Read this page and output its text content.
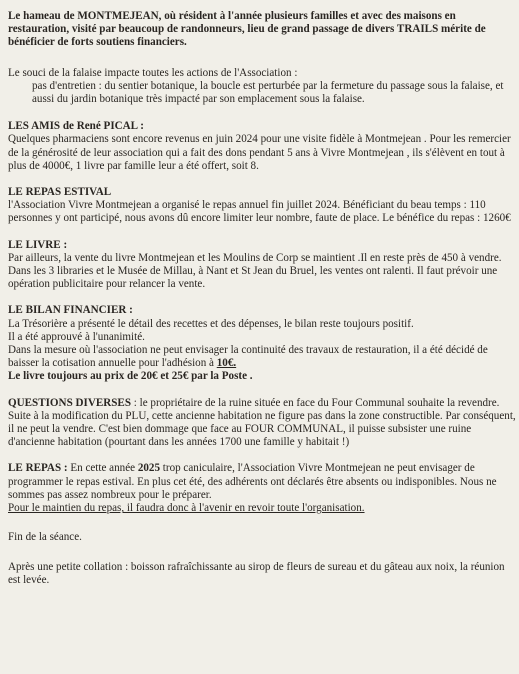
Le hameau de MONTMEJEAN, où résident à l'année plusieurs familles et avec des maisons en restauration, visité par beaucoup de randonneurs, lieu de grand passage de divers TRAILS mérite de bénéficier de forts soutiens financiers.

Le souci de la falaise impacte toutes les actions de l'Association :

pas d'entretien : du sentier botanique, la boucle est perturbée par la fermeture du passage sous la falaise, et aussi du jardin botanique très impacté par son emplacement sous la falaise.

LES AMIS de René PICAL :

Quelques pharmaciens sont encore revenus en juin 2024 pour une visite fidèle à Montmejean . Pour les remercier de la générosité de leur association qui a fait des dons pendant 5 ans à Vivre Montmejean , ils s'élèvent en tout à plus de 4000€, 1 livre par famille leur a été offert, soit 8.

LE REPAS ESTIVAL

l'Association Vivre Montmejean a organisé le repas annuel fin juillet 2024. Bénéficiant du beau temps : 110 personnes y ont participé, nous avons dû encore limiter leur nombre, faute de place. Le bénéfice du repas : 1260€

LE LIVRE :

Par ailleurs, la vente du livre Montmejean et les Moulins de Corp se maintient .Il en reste près de 450 à vendre. Dans les 3 libraries et le Musée de Millau, à Nant et St Jean du Bruel, les ventes ont ralenti. Il faut prévoir une opération publicitaire pour relancer la vente.

LE BILAN FINANCIER :

La Trésorière a présenté le détail des recettes et des dépenses, le bilan reste toujours positif.

Il a été approuvé à l'unanimité.

Dans la mesure où l'association ne peut envisager la continuité des travaux de restauration, il a été décidé de baisser la cotisation annuelle pour l'adhésion à 10€.

Le livre toujours au prix de 20€ et 25€ par la Poste .

QUESTIONS DIVERSES : le propriétaire de la ruine située en face du Four Communal souhaite la revendre. Suite à la modification du PLU, cette ancienne habitation ne figure pas dans la zone constructible. Par conséquent, il ne peut la vendre. C'est bien dommage que face au FOUR COMMUNAL, il puisse subsister une ruine d'ancienne habitation (pourtant dans les années 1700 une famille y habitait !)

LE REPAS : En cette année 2025 trop caniculaire, l'Association Vivre Montmejean ne peut envisager de programmer le repas estival. En plus cet été, des adhérents ont déclarés être absents ou indisponibles. Nous ne sommes pas assez nombreux pour le préparer.

Pour le maintien du repas, il faudra donc à l'avenir en revoir toute l'organisation.

Fin de la séance.

Après une petite collation : boisson rafraîchissante au sirop de fleurs de sureau et du gâteau aux noix, la réunion est levée.
